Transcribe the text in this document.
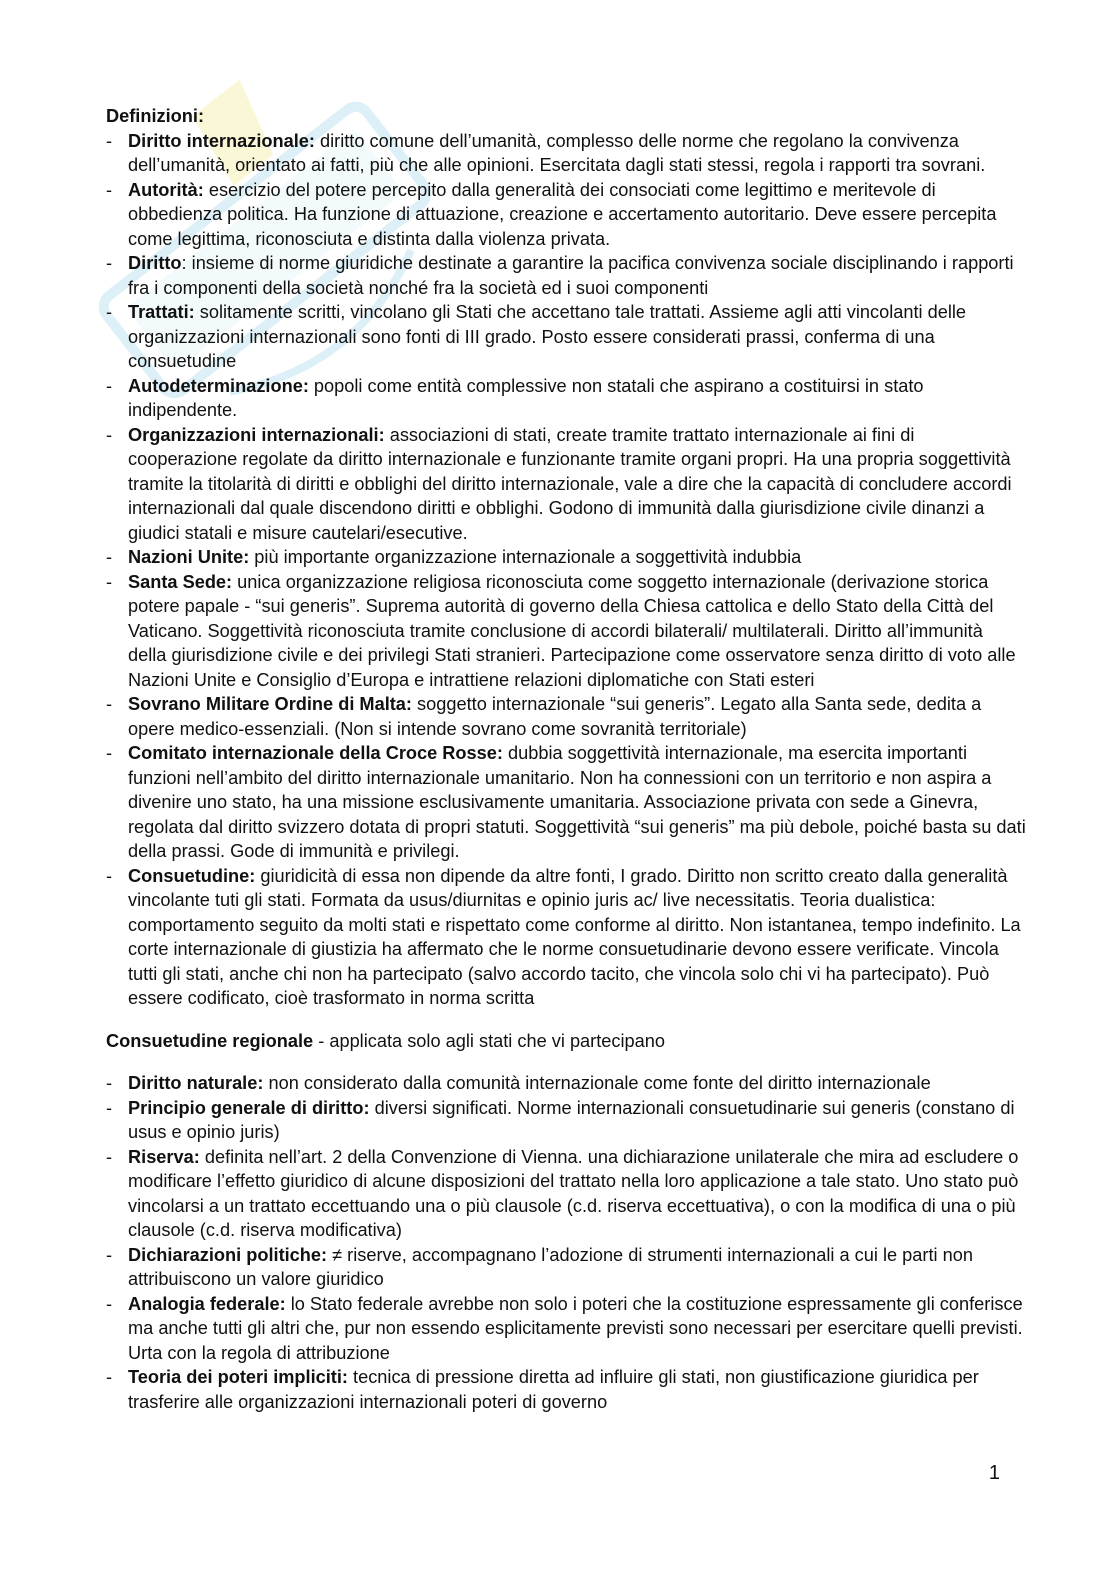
Definizioni:

- Diritto internazionale: diritto comune dell’umanità, complesso delle norme che regolano la convivenza dell’umanità, orientato ai fatti, più che alle opinioni. Esercitata dagli stati stessi, regola i rapporti tra sovrani.
- Autorità: esercizio del potere percepito dalla generalità dei consociati come legittimo e meritevole di obbedienza politica. Ha funzione di attuazione, creazione e accertamento autoritario. Deve essere percepita come legittima, riconosciuta e distinta dalla violenza privata.
- Diritto: insieme di norme giuridiche destinate a garantire la pacifica convivenza sociale disciplinando i rapporti fra i componenti della società nonché fra la società ed i suoi componenti
- Trattati: solitamente scritti, vincolano gli Stati che accettano tale trattati. Assieme agli atti vincolanti delle organizzazioni internazionali sono fonti di III grado. Posto essere considerati prassi, conferma di una consuetudine
- Autodeterminazione: popoli come entità complessive non statali che aspirano a costituirsi in stato indipendente.
- Organizzazioni internazionali: associazioni di stati, create tramite trattato internazionale ai fini di cooperazione regolate da diritto internazionale e funzionante tramite organi propri. Ha una propria soggettività tramite la titolarità di diritti e obblighi del diritto internazionale, vale a dire che la capacità di concludere accordi internazionali dal quale discendono diritti e obblighi. Godono di immunità dalla giurisdizione civile dinanzi a giudici statali e misure cautelari/esecutive.
- Nazioni Unite: più importante organizzazione internazionale a soggettività indubbia
- Santa Sede: unica organizzazione religiosa riconosciuta come soggetto internazionale (derivazione storica potere papale - “sui generis”. Suprema autorità di governo della Chiesa cattolica e dello Stato della Città del Vaticano. Soggettività riconosciuta tramite conclusione di accordi bilaterali/ multilaterali. Diritto all’immunità della giurisdizione civile e dei privilegi Stati stranieri. Partecipazione come osservatore senza diritto di voto alle Nazioni Unite e Consiglio d’Europa e intrattiene relazioni diplomatiche con Stati esteri
- Sovrano Militare Ordine di Malta: soggetto internazionale “sui generis”. Legato alla Santa sede, dedita a opere medico-essenziali. (Non si intende sovrano come sovranità territoriale)
- Comitato internazionale della Croce Rosse: dubbia soggettività internazionale, ma esercita importanti funzioni nell’ambito del diritto internazionale umanitario. Non ha connessioni con un territorio e non aspira a divenire uno stato, ha una missione esclusivamente umanitaria. Associazione privata con sede a Ginevra, regolata dal diritto svizzero dotata di propri statuti. Soggettività “sui generis” ma più debole, poiché basta su dati della prassi. Gode di immunità e privilegi.
- Consuetudine: giuridicità di essa non dipende da altre fonti, I grado. Diritto non scritto creato dalla generalità vincolante tuti gli stati. Formata da usus/diurnitas e opinio juris ac/ live necessitatis. Teoria dualistica: comportamento seguito da molti stati e rispettato come conforme al diritto. Non istantanea, tempo indefinito. La corte internazionale di giustizia ha affermato che le norme consuetudinarie devono essere verificate. Vincola tutti gli stati, anche chi non ha partecipato (salvo accordo tacito, che vincola solo chi vi ha partecipato). Può essere codificato, cioè trasformato in norma scritta

Consuetudine regionale - applicata solo agli stati che vi partecipano

- Diritto naturale: non considerato dalla comunità internazionale come fonte del diritto internazionale
- Principio generale di diritto: diversi significati. Norme internazionali consuetudinarie sui generis (constano di usus e opinio juris)
- Riserva: definita nell’art. 2 della Convenzione di Vienna. una dichiarazione unilaterale che mira ad escludere o modificare l’effetto giuridico di alcune disposizioni del trattato nella loro applicazione a tale stato. Uno stato può vincolarsi a un trattato eccettuando una o più clausole (c.d. riserva eccettuativa), o con la modifica di una o più clausole (c.d. riserva modificativa)
- Dichiarazioni politiche: ≠ riserve, accompagnano l’adozione di strumenti internazionali a cui le parti non attribuiscono un valore giuridico
- Analogia federale: lo Stato federale avrebbe non solo i poteri che la costituzione espressamente gli conferisce ma anche tutti gli altri che, pur non essendo esplicitamente previsti sono necessari per esercitare quelli previsti. Urta con la regola di attribuzione
- Teoria dei poteri impliciti: tecnica di pressione diretta ad influire gli stati, non giustificazione giuridica per trasferire alle organizzazioni internazionali poteri di governo
1
